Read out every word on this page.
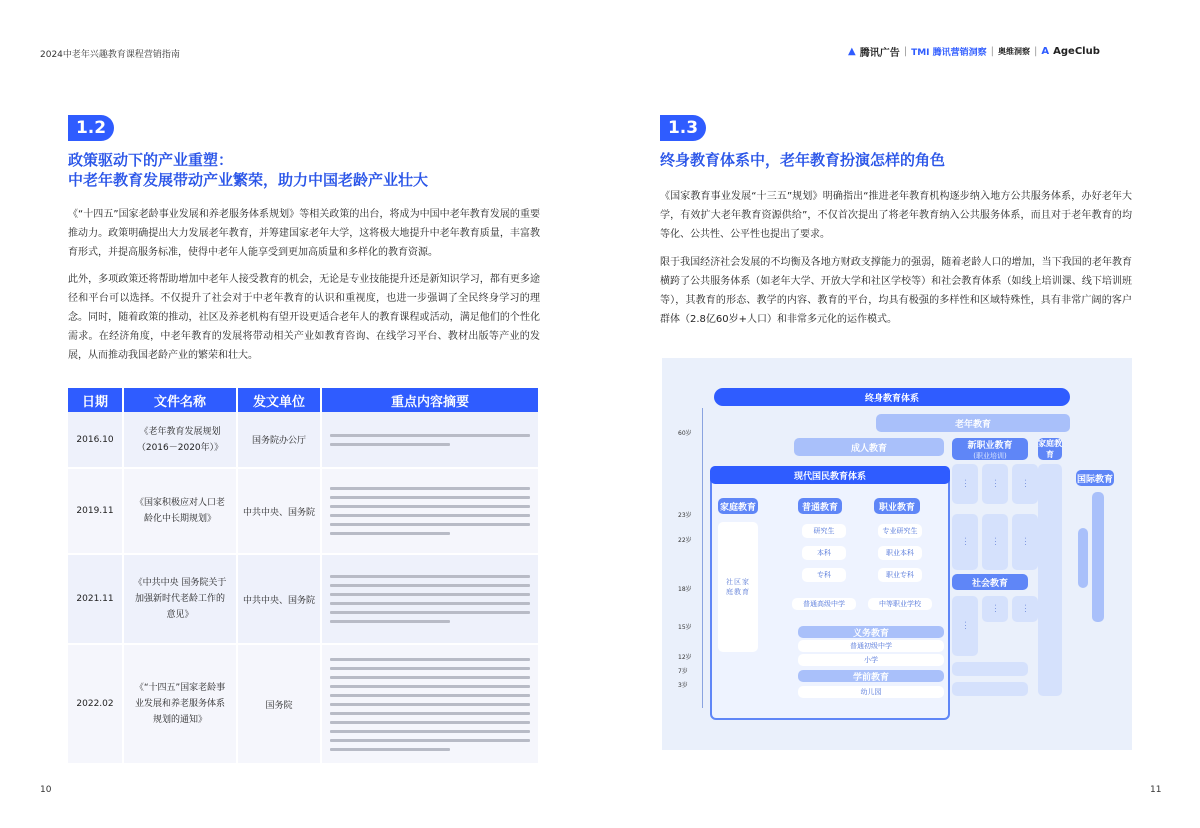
2024中老年兴趣教育课程营销指南	▲ 腾讯广告 | TMI 腾讯营销洞察 | 奥维洞察 | A AgeClub
1.2
政策驱动下的产业重塑：
中老年教育发展带动产业繁荣，助力中国老龄产业壮大
《“十四五”国家老龄事业发展和养老服务体系规划》等相关政策的出台，将成为中国中老年教育发展的重要推动力。政策明确提出大力发展老年教育，并筹建国家老年大学，这将极大地提升中老年教育质量，丰富教育形式，并提高服务标准，使得中老年人能享受到更加高质量和多样化的教育资源。
此外，多项政策还将帮助增加中老年人接受教育的机会，无论是专业技能提升还是新知识学习，都有更多途径和平台可以选择。不仅提升了社会对于中老年教育的认识和重视度，也进一步强调了全民终身学习的理念。同时，随着政策的推动，社区及养老机构有望开设更适合老年人的教育课程或活动，满足他们的个性化需求。在经济角度，中老年教育的发展将带动相关产业如教育咨询、在线学习平台、教材出版等产业的发展，从而推动我国老龄产业的繁荣和壮大。
日期	文件名称	发文单位	重点内容摘要
2016.10	《老年教育发展规划（2016－2020年）》	国务院办公厅	

2019.11	《国家积极应对人口老龄化中长期规划》	中共中央、国务院	

2021.11	《中共中央 国务院关于加强新时代老龄工作的意见》	中共中央、国务院	

2022.02	《“十四五”国家老龄事业发展和养老服务体系规划的通知》	国务院	
10
1.3
终身教育体系中，老年教育扮演怎样的角色
《国家教育事业发展“十三五”规划》明确指出“推进老年教育机构逐步纳入地方公共服务体系，办好老年大学，有效扩大老年教育资源供给”，不仅首次提出了将老年教育纳入公共服务体系，而且对于老年教育的均等化、公共性、公平性也提出了要求。
限于我国经济社会发展的不均衡及各地方财政支撑能力的强弱，随着老龄人口的增加，当下我国的老年教育横跨了公共服务体系（如老年大学、开放大学和社区学校等）和社会教育体系（如线上培训课、线下培训班等），其教育的形态、教学的内容、教育的平台，均具有极强的多样性和区域特殊性，具有非常广阔的客户群体（2.8亿60岁+人口）和非常多元化的运作模式。
60岁
23岁
22岁
18岁
15岁
12岁
7岁
3岁
终身教育体系
老年教育
成人教育	新职业教育
(职业培训)
家庭教育
···	···	···
···	···	···
现代国民教育体系
家庭教育	普通教育	职业教育
研究生
本科
专科
专业研究生
职业本科
职业专科
普通高级中学	中等职业学校
社区家庭教育
义务教育
普通初级中学
小学
学前教育
幼儿园
社会教育
···
···	···
国际教育
11
